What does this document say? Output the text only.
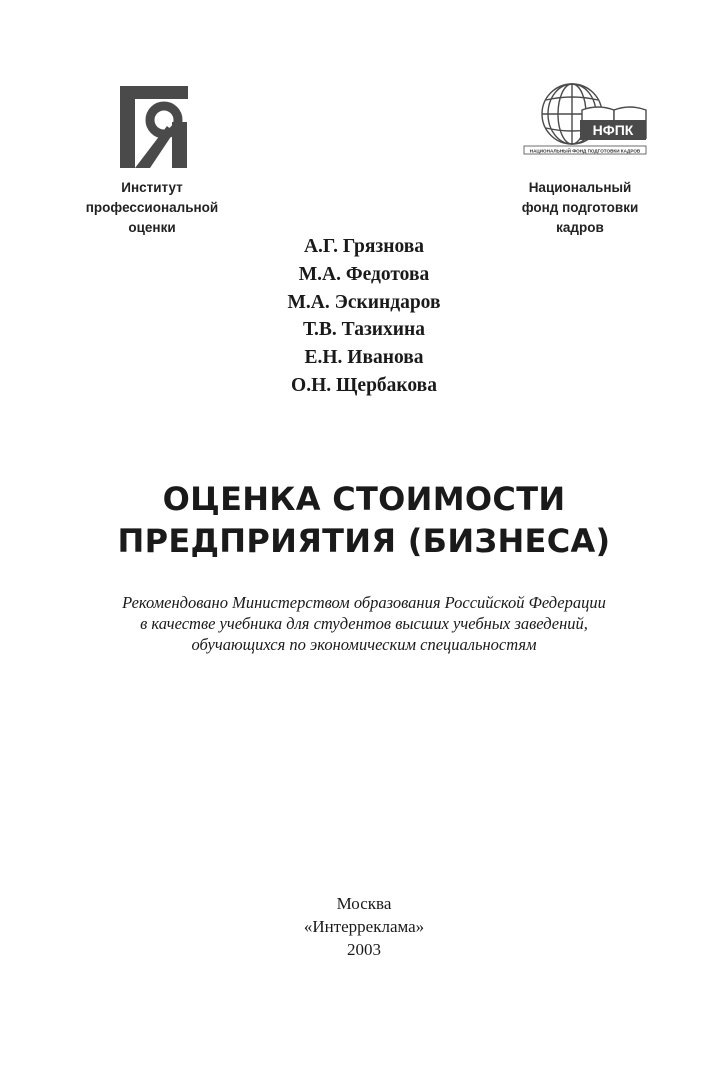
Институт
профессиональной
оценки
НФПК
НАЦИОНАЛЬНЫЙ ФОНД ПОДГОТОВКИ КАДРОВ
Национальный
фонд подготовки
кадров
А.Г. Грязнова
М.А. Федотова
М.А. Эскиндаров
Т.В. Тазихина
Е.Н. Иванова
О.Н. Щербакова
ОЦЕНКА СТОИМОСТИ
ПРЕДПРИЯТИЯ (БИЗНЕСА)
Рекомендовано Министерством образования Российской Федерации
в качестве учебника для студентов высших учебных заведений,
обучающихся по экономическим специальностям
Москва
«Интерреклама»
2003
